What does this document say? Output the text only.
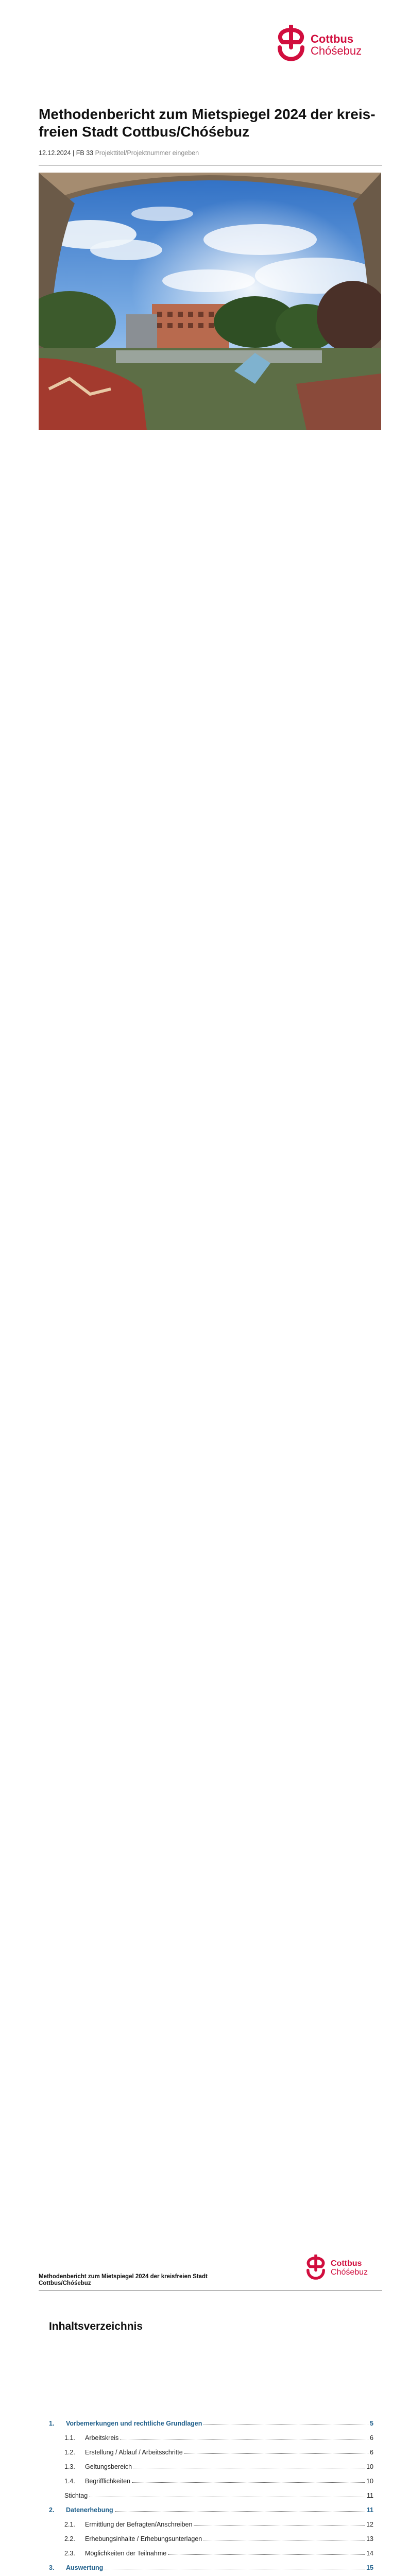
Cottbus
Chóśebuz
Methodenbericht zum Mietspiegel 2024 der kreis-freien Stadt Cottbus/Chóśebuz
12.12.2024 | FB 33 Projekttitel/Projektnummer eingeben
Methodenbericht zum Mietspiegel 2024 der kreisfreien Stadt Cottbus/Chóśebuz
Cottbus
Chóśebuz
Inhaltsverzeichnis
1.	Vorbemerkungen und rechtliche Grundlagen	5
1.1.	Arbeitskreis	6
1.2.	Erstellung / Ablauf / Arbeitsschritte	6
1.3.	Geltungsbereich	10
1.4.	Begrifflichkeiten	10
Stichtag	11
2.	Datenerhebung	11
2.1.	Ermittlung der Befragten/Anschreiben	12
2.2.	Erhebungsinhalte / Erhebungsunterlagen	13
2.3.	Möglichkeiten der Teilnahme	14
3.	Auswertung	15
